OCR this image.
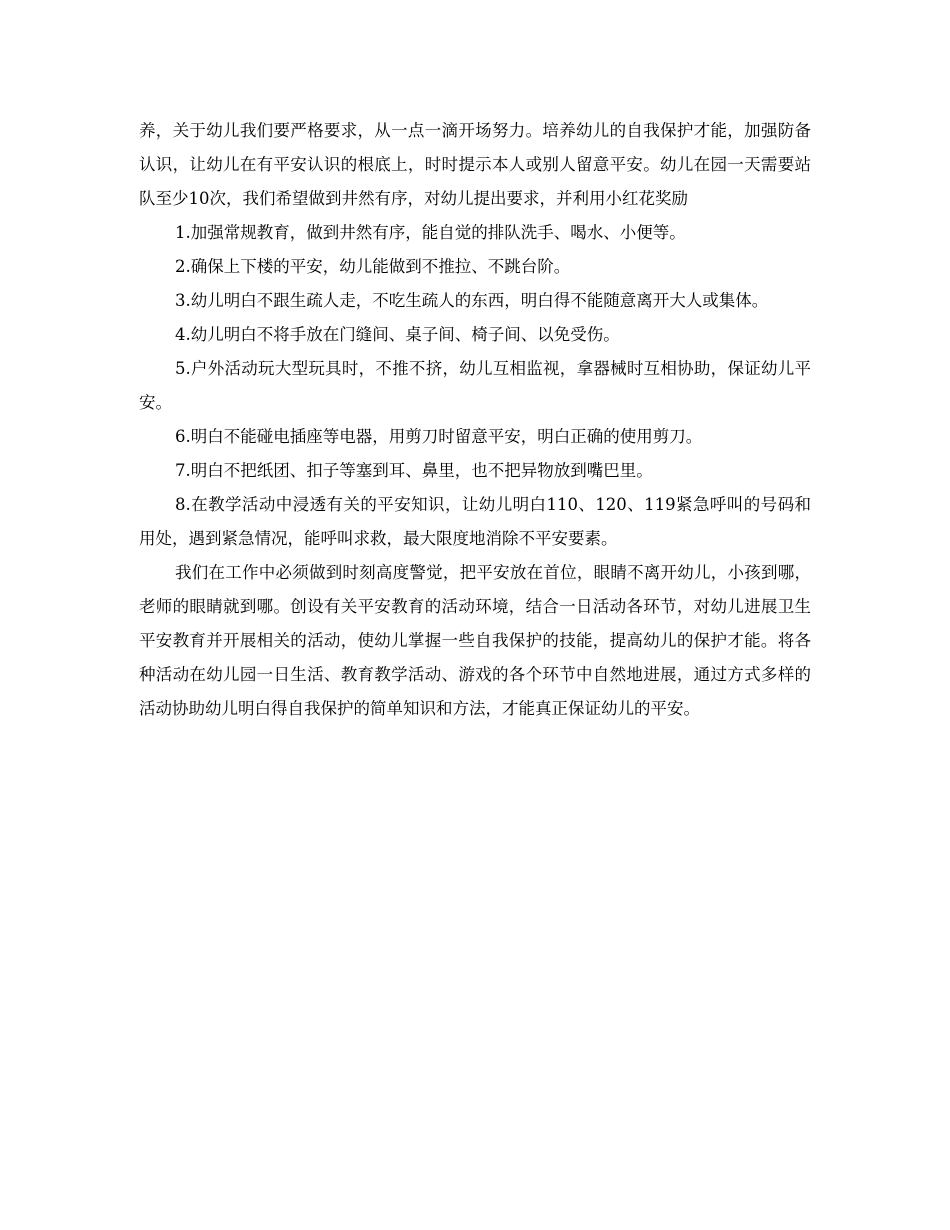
养，关于幼儿我们要严格要求，从一点一滴开场努力。培养幼儿的自我保护才能，加强防备认识，让幼儿在有平安认识的根底上，时时提示本人或别人留意平安。幼儿在园一天需要站队至少10次，我们希望做到井然有序，对幼儿提出要求，并利用小红花奖励

1.加强常规教育，做到井然有序，能自觉的排队洗手、喝水、小便等。

2.确保上下楼的平安，幼儿能做到不推拉、不跳台阶。

3.幼儿明白不跟生疏人走，不吃生疏人的东西，明白得不能随意离开大人或集体。

4.幼儿明白不将手放在门缝间、桌子间、椅子间、以免受伤。

5.户外活动玩大型玩具时，不推不挤，幼儿互相监视，拿器械时互相协助，保证幼儿平安。

6.明白不能碰电插座等电器，用剪刀时留意平安，明白正确的使用剪刀。

7.明白不把纸团、扣子等塞到耳、鼻里，也不把异物放到嘴巴里。

8.在教学活动中浸透有关的平安知识，让幼儿明白110、120、119紧急呼叫的号码和用处，遇到紧急情况，能呼叫求救，最大限度地消除不平安要素。

我们在工作中必须做到时刻高度警觉，把平安放在首位，眼睛不离开幼儿，小孩到哪，老师的眼睛就到哪。创设有关平安教育的活动环境，结合一日活动各环节，对幼儿进展卫生平安教育并开展相关的活动，使幼儿掌握一些自我保护的技能，提高幼儿的保护才能。将各种活动在幼儿园一日生活、教育教学活动、游戏的各个环节中自然地进展，通过方式多样的活动协助幼儿明白得自我保护的简单知识和方法，才能真正保证幼儿的平安。
